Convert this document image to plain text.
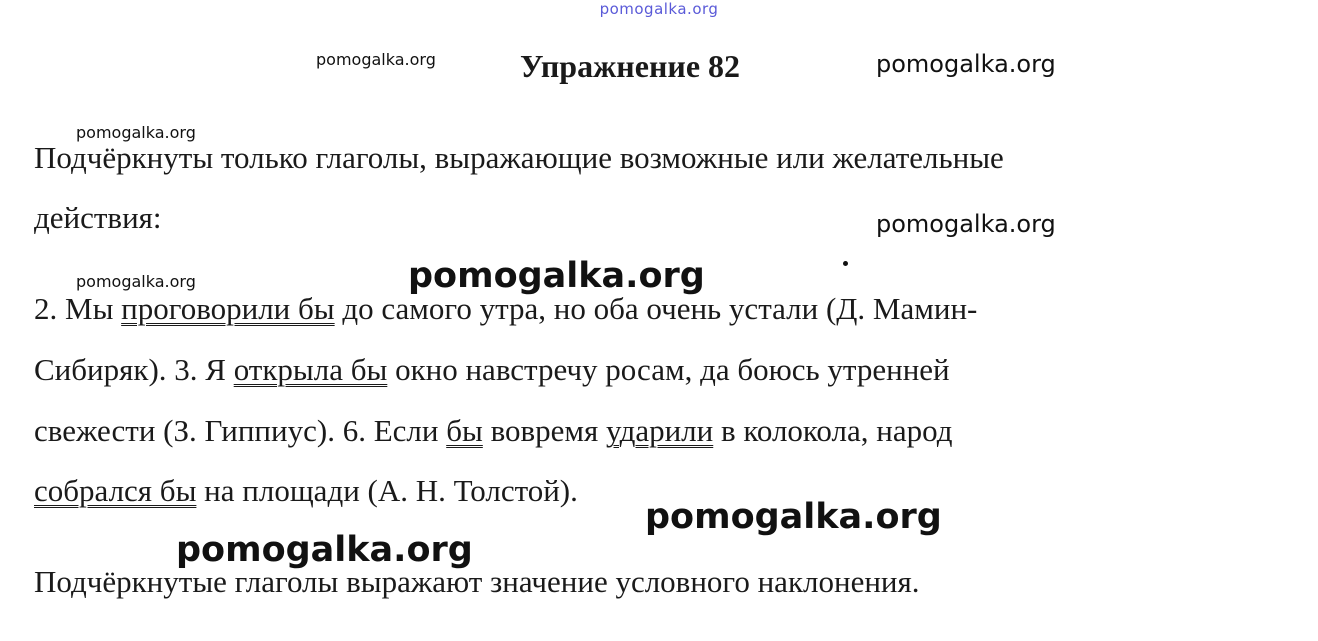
pomogalka.org
Упражнение 82
pomogalka.org	pomogalka.org
pomogalka.org
pomogalka.org
pomogalka.org	pomogalka.org
pomogalka.org
pomogalka.org
Подчёркнуты только глаголы, выражающие возможные или желательные
действия:
2. Мы проговорили бы до самого утра, но оба очень устали (Д. Мамин-
Сибиряк). 3. Я открыла бы окно навстречу росам, да боюсь утренней
свежести (З. Гиппиус). 6. Если бы вовремя ударили в колокола, народ
собрался бы на площади (А. Н. Толстой).
Подчёркнутые глаголы выражают значение условного наклонения.
